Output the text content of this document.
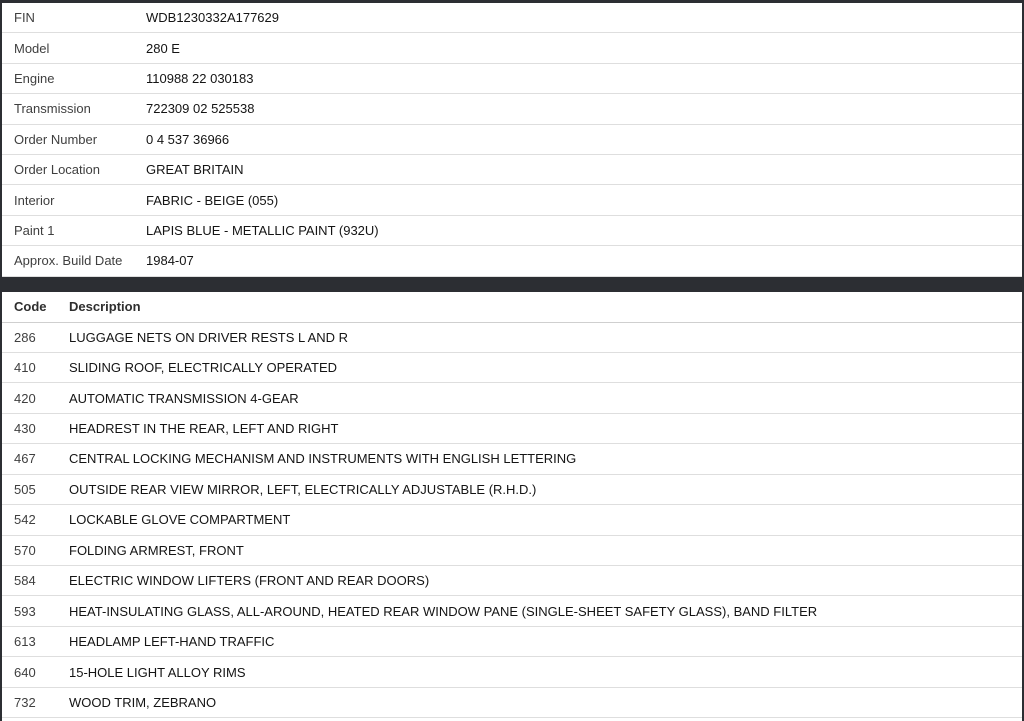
FIN	WDB1230332A177629
Model	280 E
Engine	110988 22 030183
Transmission	722309 02 525538
Order Number	0 4 537 36966
Order Location	GREAT BRITAIN
Interior	FABRIC - BEIGE (055)
Paint 1	LAPIS BLUE - METALLIC PAINT (932U)
Approx. Build Date	1984-07
Code	Description
286	LUGGAGE NETS ON DRIVER RESTS L AND R
410	SLIDING ROOF, ELECTRICALLY OPERATED
420	AUTOMATIC TRANSMISSION 4-GEAR
430	HEADREST IN THE REAR, LEFT AND RIGHT
467	CENTRAL LOCKING MECHANISM AND INSTRUMENTS WITH ENGLISH LETTERING
505	OUTSIDE REAR VIEW MIRROR, LEFT, ELECTRICALLY ADJUSTABLE (R.H.D.)
542	LOCKABLE GLOVE COMPARTMENT
570	FOLDING ARMREST, FRONT
584	ELECTRIC WINDOW LIFTERS (FRONT AND REAR DOORS)
593	HEAT-INSULATING GLASS, ALL-AROUND, HEATED REAR WINDOW PANE (SINGLE-SHEET SAFETY GLASS), BAND FILTER
613	HEADLAMP LEFT-HAND TRAFFIC
640	15-HOLE LIGHT ALLOY RIMS
732	WOOD TRIM, ZEBRANO
